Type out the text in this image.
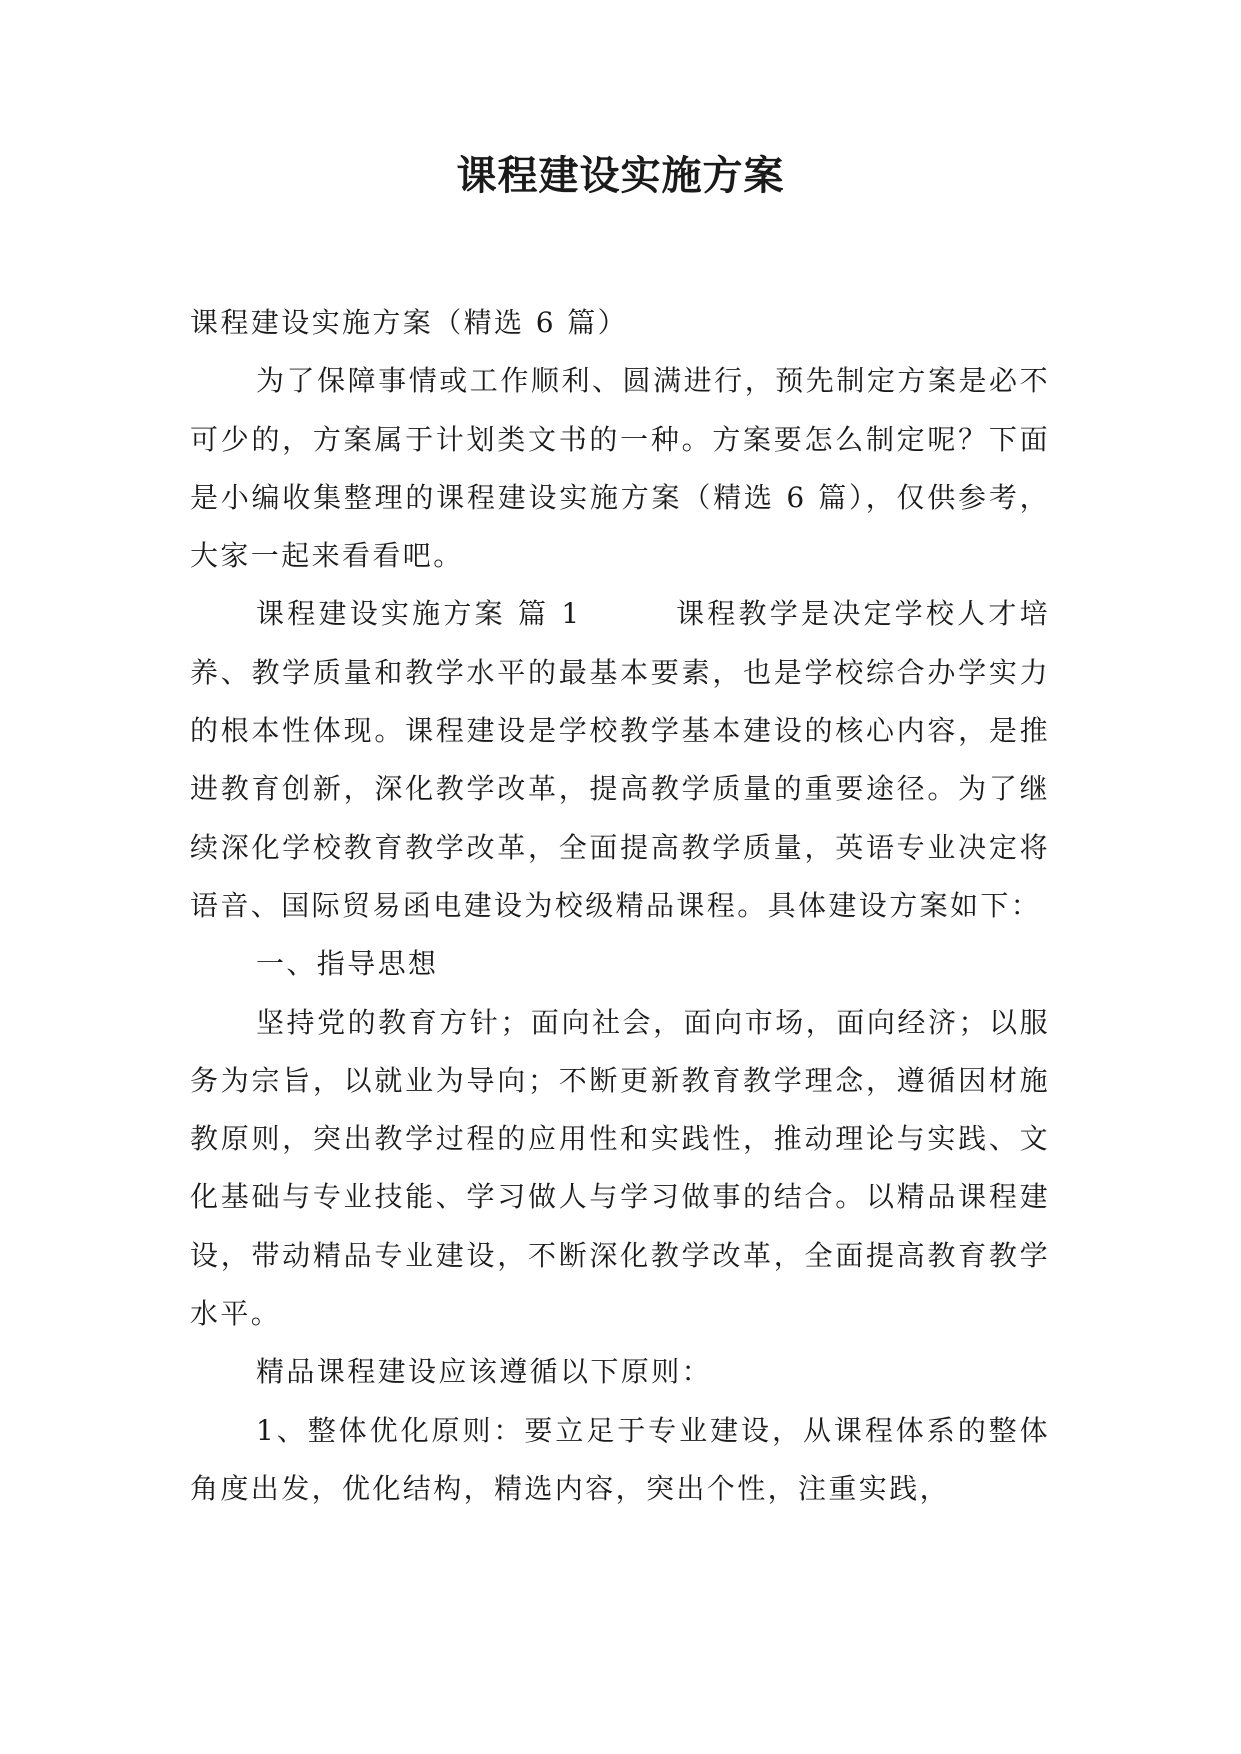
课程建设实施方案

课程建设实施方案（精选 6 篇）

为了保障事情或工作顺利、圆满进行，预先制定方案是必不可少的，方案属于计划类文书的一种。方案要怎么制定呢？下面是小编收集整理的课程建设实施方案（精选 6 篇），仅供参考，大家一起来看看吧。

课程建设实施方案 篇 1　　　课程教学是决定学校人才培养、教学质量和教学水平的最基本要素，也是学校综合办学实力的根本性体现。课程建设是学校教学基本建设的核心内容，是推进教育创新，深化教学改革，提高教学质量的重要途径。为了继续深化学校教育教学改革，全面提高教学质量，英语专业决定将语音、国际贸易函电建设为校级精品课程。具体建设方案如下：

一、指导思想

坚持党的教育方针；面向社会，面向市场，面向经济；以服务为宗旨，以就业为导向；不断更新教育教学理念，遵循因材施教原则，突出教学过程的应用性和实践性，推动理论与实践、文化基础与专业技能、学习做人与学习做事的结合。以精品课程建设，带动精品专业建设，不断深化教学改革，全面提高教育教学水平。

精品课程建设应该遵循以下原则：

1、整体优化原则：要立足于专业建设，从课程体系的整体角度出发，优化结构，精选内容，突出个性，注重实践，
